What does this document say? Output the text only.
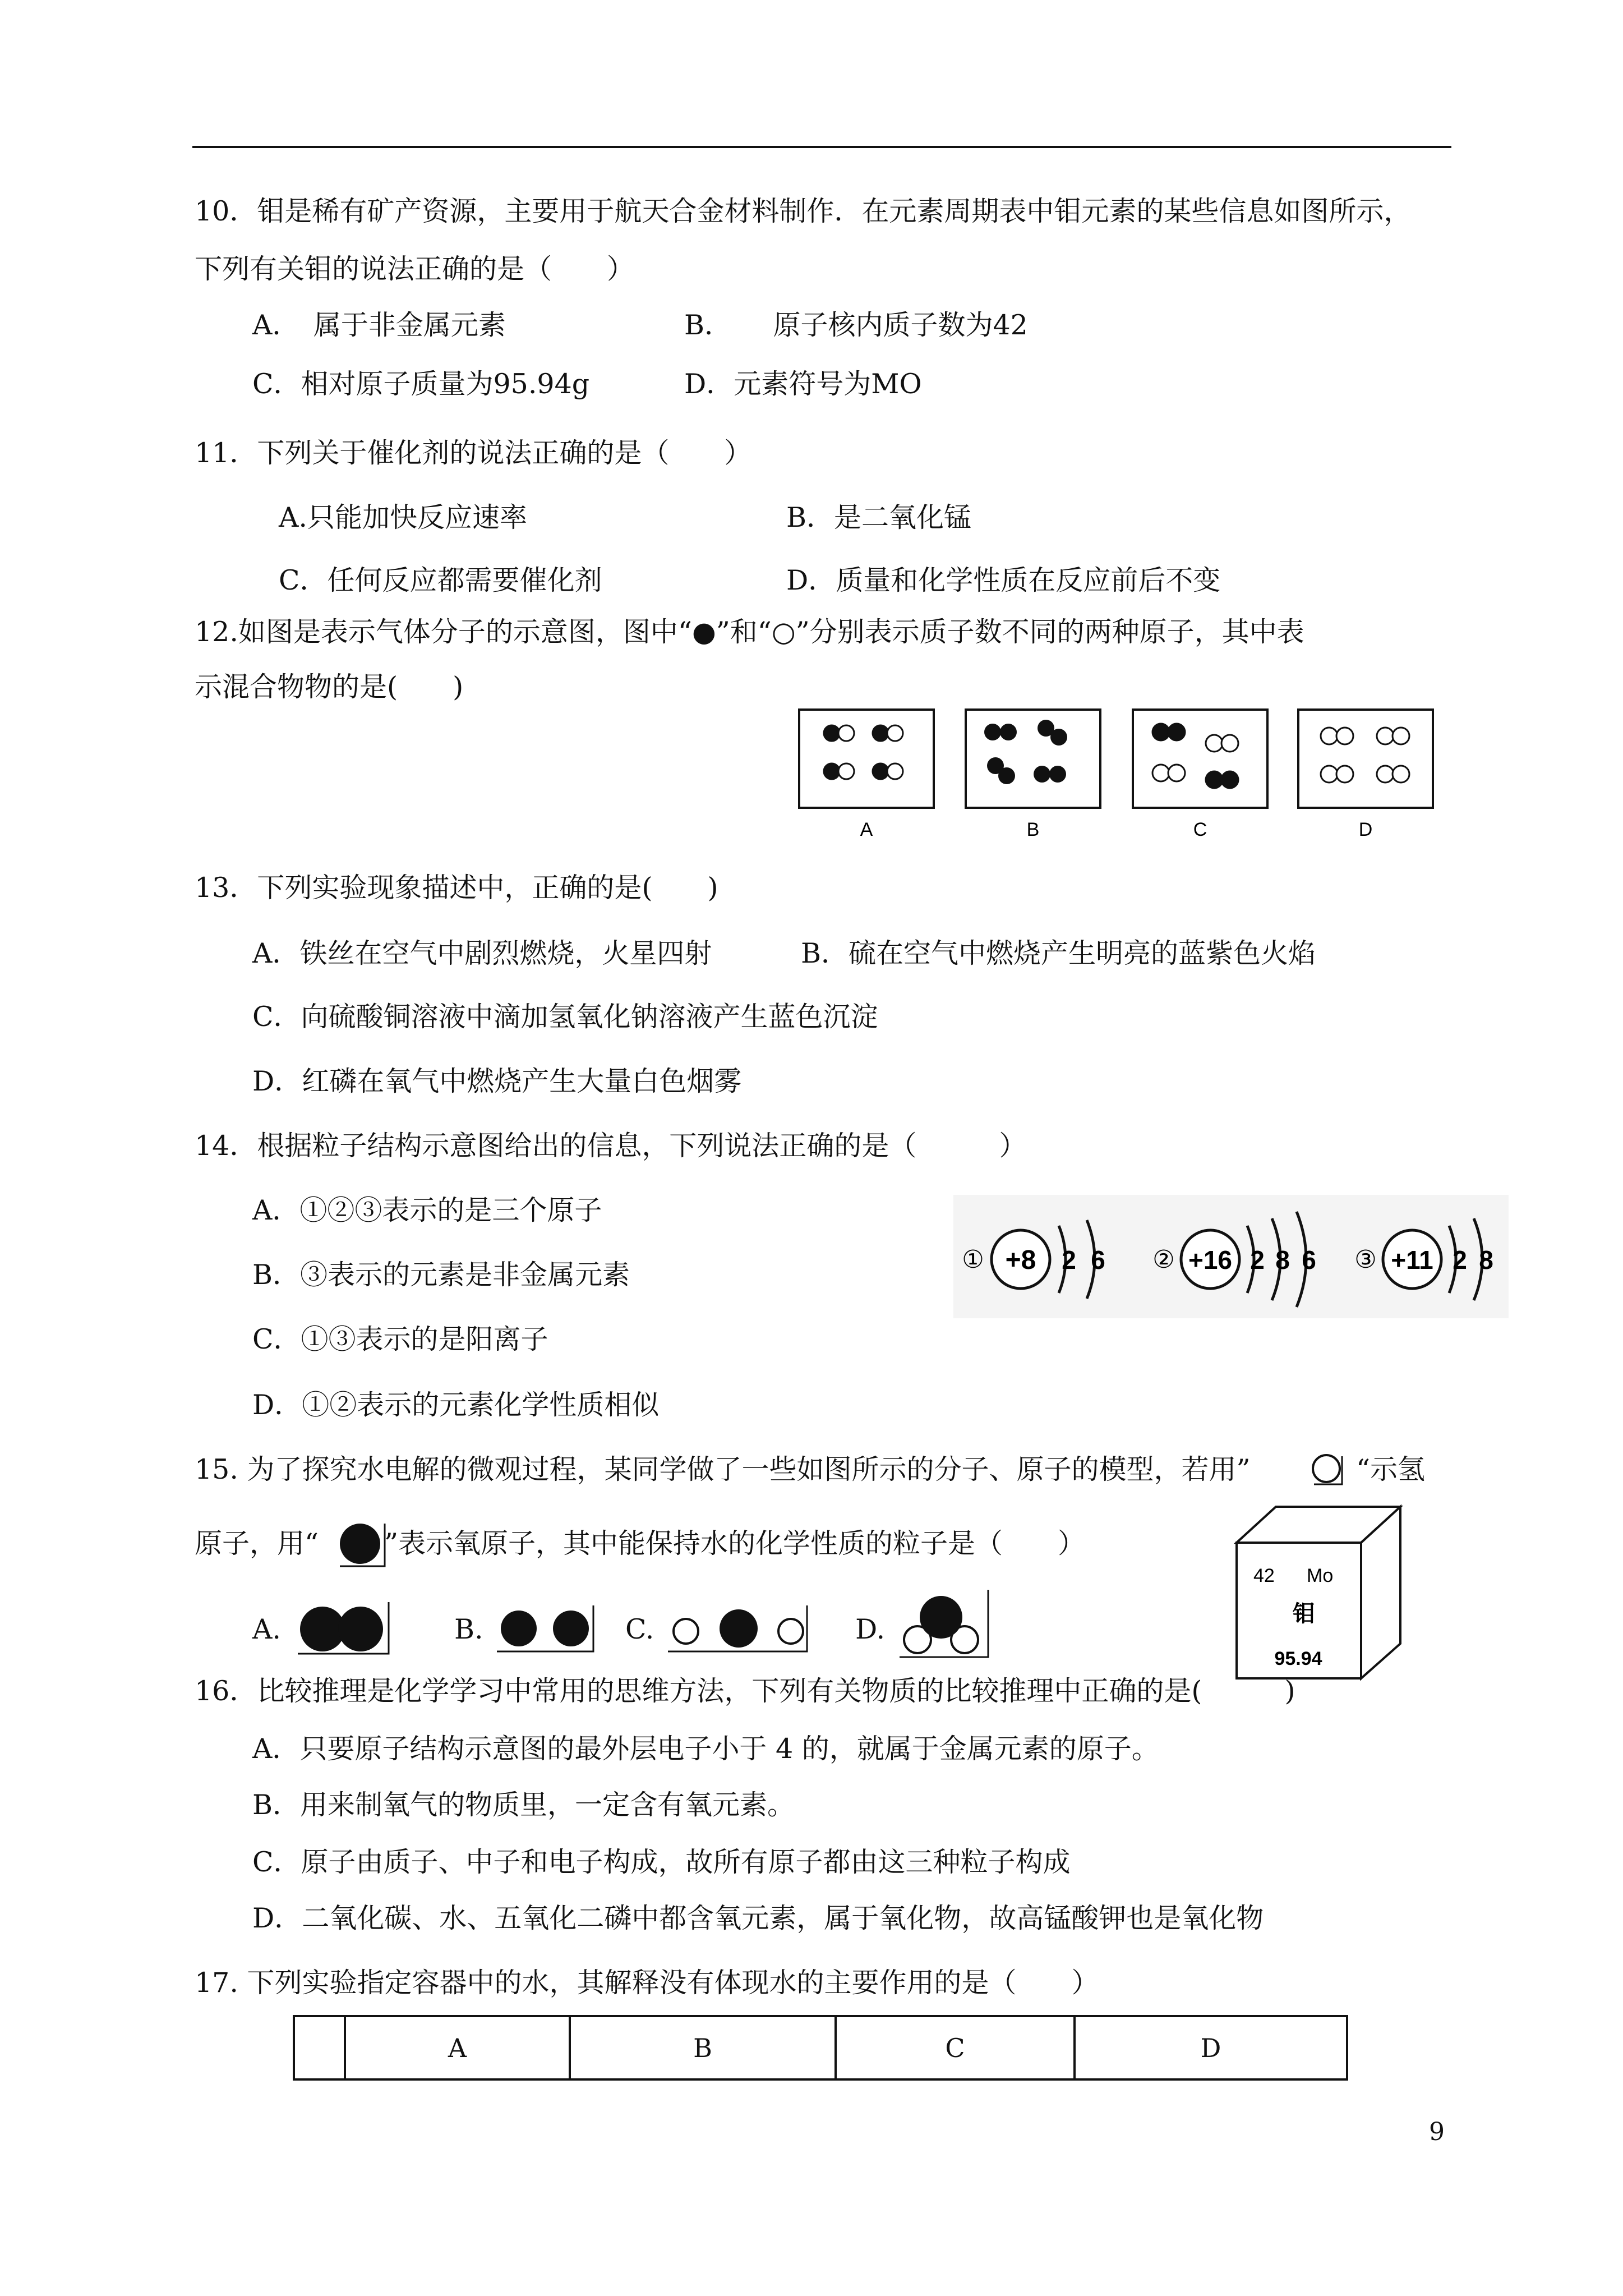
10．钼是稀有矿产资源，主要用于航天合金材料制作．在元素周期表中钼元素的某些信息如图所示，
下列有关钼的说法正确的是（　　）
A．　属于非金属元素	B．　　原子核内质子数为42
C．相对原子质量为95.94g	D．元素符号为MO
11．下列关于催化剂的说法正确的是（　　）
A.只能加快反应速率	B．是二氧化锰
C．任何反应都需要催化剂	D．质量和化学性质在反应前后不变
12.如图是表示气体分子的示意图，图中“●”和“○”分别表示质子数不同的两种原子，其中表
示混合物物的是(　　)
A	B	C	D
13．下列实验现象描述中，正确的是(　　)
A．铁丝在空气中剧烈燃烧，火星四射	B．硫在空气中燃烧产生明亮的蓝紫色火焰
C．向硫酸铜溶液中滴加氢氧化钠溶液产生蓝色沉淀
D．红磷在氧气中燃烧产生大量白色烟雾
14．根据粒子结构示意图给出的信息，下列说法正确的是（　　　）
A．①②③表示的是三个原子
B．③表示的元素是非金属元素
C．①③表示的是阳离子
D．①②表示的元素化学性质相似
① +8 2 6 ② +16 2 8 6 ③ +11 2 8
15. 为了探究水电解的微观过程，某同学做了一些如图所示的分子、原子的模型，若用”	“示氢
原子，用“ ”表示氧原子，其中能保持水的化学性质的粒子是（　　）
A.	B.	C.	D.
42 Mo
钼
95.94
16．比较推理是化学学习中常用的思维方法，下列有关物质的比较推理中正确的是(　　　)
A．只要原子结构示意图的最外层电子小于 4 的，就属于金属元素的原子。
B．用来制氧气的物质里，一定含有氧元素。
C．原子由质子、中子和电子构成，故所有原子都由这三种粒子构成
D．二氧化碳、水、五氧化二磷中都含氧元素，属于氧化物，故高锰酸钾也是氧化物
17. 下列实验指定容器中的水，其解释没有体现水的主要作用的是（　　）
	A	B	C	D
9
